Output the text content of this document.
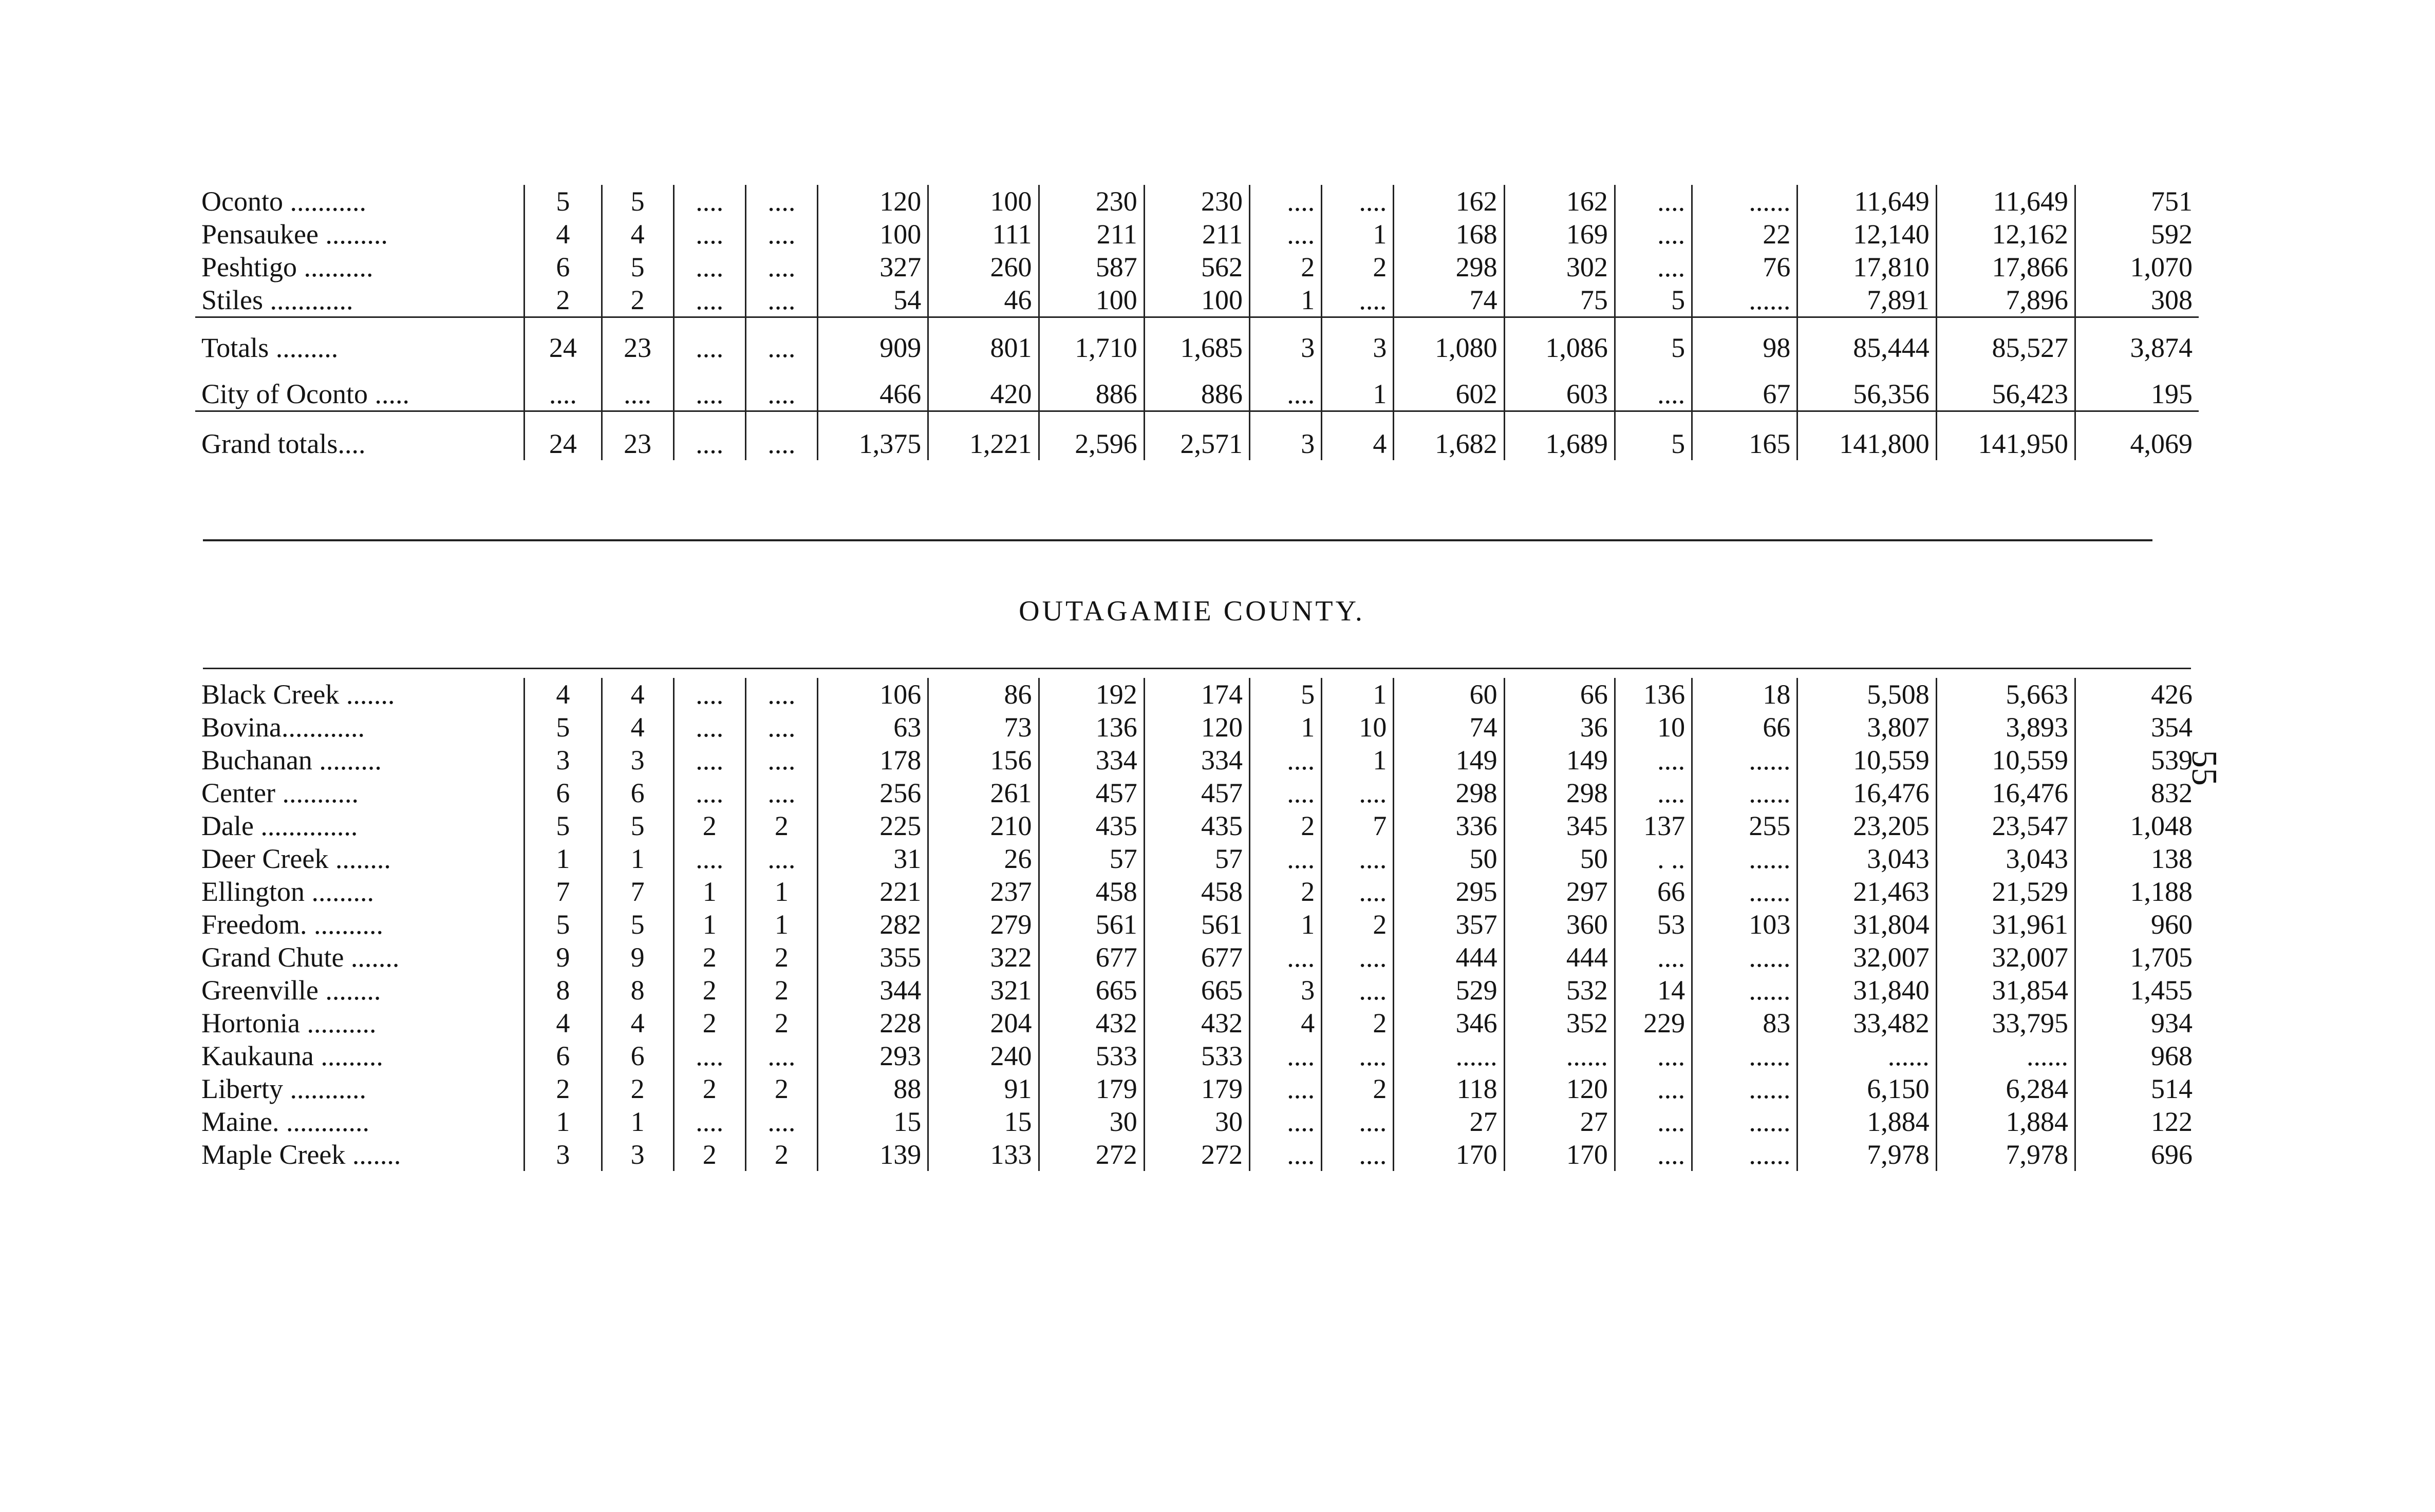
Oconto ...........	5	5	....	....	120	100	230	230	....	....	162	162	....	......	11,649	11,649	751
Pensaukee .........	4	4	....	....	100	111	211	211	....	1	168	169	....	22	12,140	12,162	592
Peshtigo ..........	6	5	....	....	327	260	587	562	2	2	298	302	....	76	17,810	17,866	1,070
Stiles ............	2	2	....	....	54	46	100	100	1	....	74	75	5	......	7,891	7,896	308
Totals .........	24	23	....	....	909	801	1,710	1,685	3	3	1,080	1,086	5	98	85,444	85,527	3,874
City of Oconto .....	....	....	....	....	466	420	886	886	....	1	602	603	....	67	56,356	56,423	195
Grand totals....	24	23	....	....	1,375	1,221	2,596	2,571	3	4	1,682	1,689	5	165	141,800	141,950	4,069
OUTAGAMIE COUNTY.
Black Creek .......	4	4	....	....	106	86	192	174	5	1	60	66	136	18	5,508	5,663	426
Bovina............	5	4	....	....	63	73	136	120	1	10	74	36	10	66	3,807	3,893	354
Buchanan .........	3	3	....	....	178	156	334	334	....	1	149	149	....	......	10,559	10,559	539
Center ...........	6	6	....	....	256	261	457	457	....	....	298	298	....	......	16,476	16,476	832
Dale ..............	5	5	2	2	225	210	435	435	2	7	336	345	137	255	23,205	23,547	1,048
Deer Creek ........	1	1	....	....	31	26	57	57	....	....	50	50	. ..	......	3,043	3,043	138
Ellington .........	7	7	1	1	221	237	458	458	2	....	295	297	66	......	21,463	21,529	1,188
Freedom. ..........	5	5	1	1	282	279	561	561	1	2	357	360	53	103	31,804	31,961	960
Grand Chute .......	9	9	2	2	355	322	677	677	....	....	444	444	....	......	32,007	32,007	1,705
Greenville ........	8	8	2	2	344	321	665	665	3	....	529	532	14	......	31,840	31,854	1,455
Hortonia ..........	4	4	2	2	228	204	432	432	4	2	346	352	229	83	33,482	33,795	934
Kaukauna .........	6	6	....	....	293	240	533	533	....	....	......	......	....	......	......	......	968
Liberty ...........	2	2	2	2	88	91	179	179	....	2	118	120	....	......	6,150	6,284	514
Maine. ............	1	1	....	....	15	15	30	30	....	....	27	27	....	......	1,884	1,884	122
Maple Creek .......	3	3	2	2	139	133	272	272	....	....	170	170	....	......	7,978	7,978	696
55
